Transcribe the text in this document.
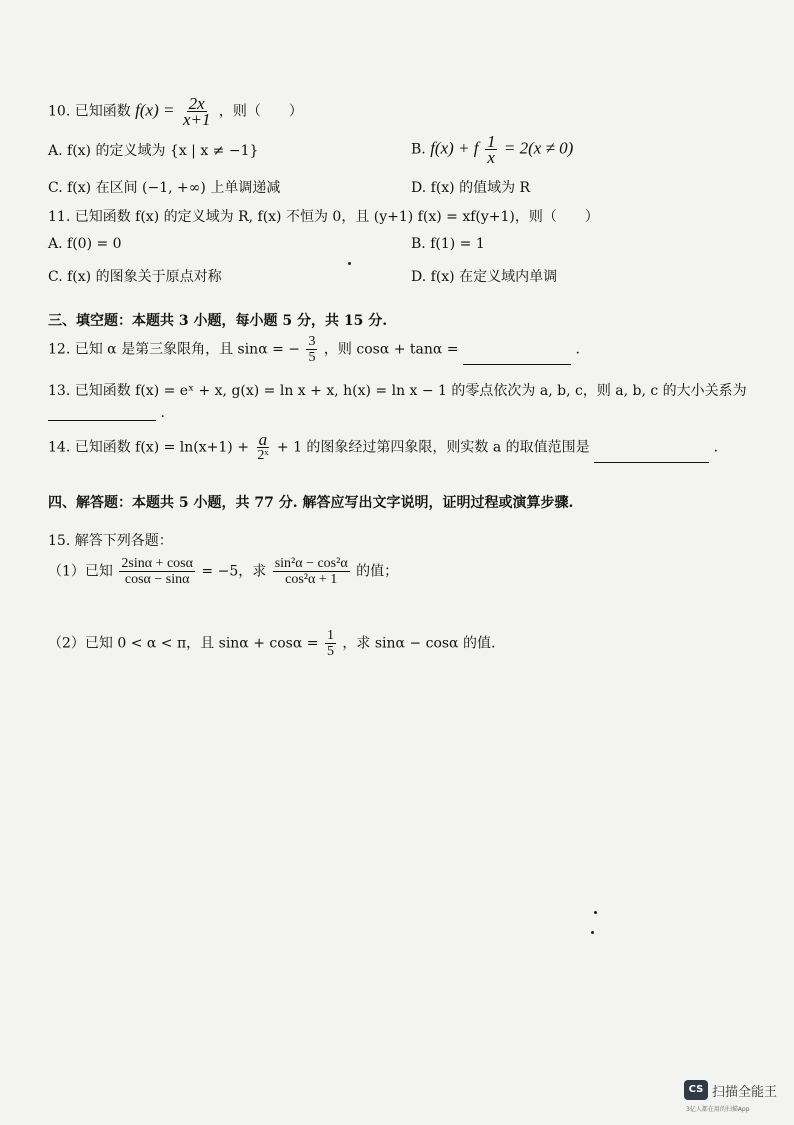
10. 已知函数 $f(x) = \frac{2x}{x+1}$ ，则（　　）
A. f(x) 的定义域为 {x | x ≠ −1}	B. f(x) + f $\frac{1}{x} = 2(x \ne 0)$
C. f(x) 在区间 (−1, +∞) 上单调递减	D. f(x) 的值域为 R
11. 已知函数 f(x) 的定义域为 R, f(x) 不恒为 0，且 (y+1) f(x) = xf(y+1)，则（　　）
A. f(0) = 0	B. f(1) = 1
C. f(x) 的图象关于原点对称	D. f(x) 在定义域内单调
三、填空题：本题共 3 小题，每小题 5 分，共 15 分.
12. 已知 α 是第三象限角，且 sinα = − $\frac{3}{5}$ ，则 cosα + tanα =	.
13. 已知函数 f(x) = eˣ + x, g(x) = ln x + x, h(x) = ln x − 1 的零点依次为 a, b, c，则 a, b, c 的大小关系为
.
14. 已知函数 $f(x) = \ln(x+1) + \frac{a}{\text{2ˣ}} + 1$ 的图象经过第四象限，则实数 a 的取值范围是	.
四、解答题：本题共 5 小题，共 77 分. 解答应写出文字说明，证明过程或演算步骤.
15. 解答下列各题：
（1）已知 $\frac{2\sin\alpha + \cos\alpha}{\cos\alpha - \sin\alpha} = -5$，求 $\frac{\text{sin²α − cos²α}}{\text{cos²α + 1}}$ 的值；
（2）已知 0 < α < π，且 $\sin\alpha + \cos\alpha = \frac{1}{5}$ ，求 sinα − cosα 的值.
CS 扫描全能王
3亿人都在用的扫描App
